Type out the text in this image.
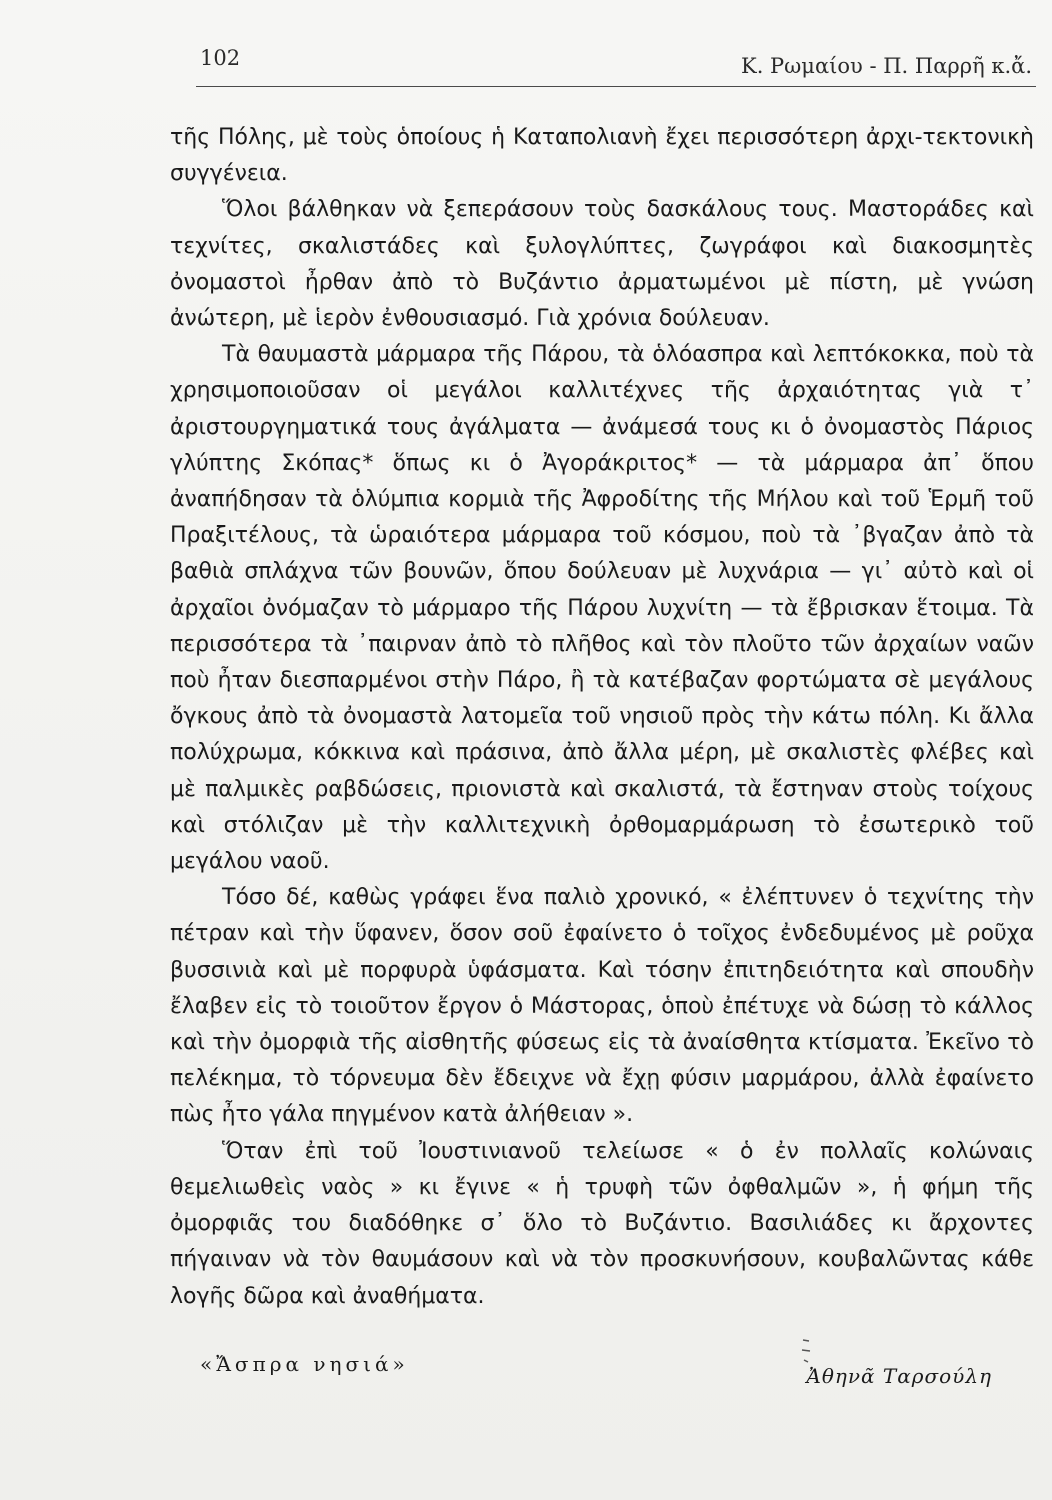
102	Κ. Ρωμαίου - Π. Παρρῆ κ.ἄ.

τῆς Πόλης, μὲ τοὺς ὁποίους ἡ Καταπολιανὴ ἔχει περισσότερη ἀρχι-τεκτονικὴ συγγένεια.

Ὅλοι βάλθηκαν νὰ ξεπεράσουν τοὺς δασκάλους τους. Μαστοράδες καὶ τεχνίτες, σκαλιστάδες καὶ ξυλογλύπτες, ζωγράφοι καὶ διακοσμητὲς ὀνομαστοὶ ἦρθαν ἀπὸ τὸ Βυζάντιο ἀρματωμένοι μὲ πίστη, μὲ γνώση ἀνώτερη, μὲ ἱερὸν ἐνθουσιασμό. Γιὰ χρόνια δούλευαν.

Τὰ θαυμαστὰ μάρμαρα τῆς Πάρου, τὰ ὁλόασπρα καὶ λεπτόκοκκα, ποὺ τὰ χρησιμοποιοῦσαν οἱ μεγάλοι καλλιτέχνες τῆς ἀρχαιότητας γιὰ τ᾽ ἀριστουργηματικά τους ἀγάλματα — ἀνάμεσά τους κι ὁ ὀνομαστὸς Πάριος γλύπτης Σκόπας* ὅπως κι ὁ Ἀγοράκριτος* — τὰ μάρμαρα ἀπ᾽ ὅπου ἀναπήδησαν τὰ ὁλύμπια κορμιὰ τῆς Ἀφροδίτης τῆς Μήλου καὶ τοῦ Ἑρμῆ τοῦ Πραξιτέλους, τὰ ὡραιότερα μάρμαρα τοῦ κόσμου, ποὺ τὰ ᾽βγαζαν ἀπὸ τὰ βαθιὰ σπλάχνα τῶν βουνῶν, ὅπου δούλευαν μὲ λυχνάρια — γι᾽ αὐτὸ καὶ οἱ ἀρχαῖοι ὀνόμαζαν τὸ μάρμαρο τῆς Πάρου λυχνίτη — τὰ ἔβρισκαν ἕτοιμα. Τὰ περισσότερα τὰ ᾽παιρναν ἀπὸ τὸ πλῆθος καὶ τὸν πλοῦτο τῶν ἀρχαίων ναῶν ποὺ ἦταν διεσπαρμένοι στὴν Πάρο, ἢ τὰ κατέβαζαν φορτώματα σὲ μεγάλους ὄγκους ἀπὸ τὰ ὀνομαστὰ λατομεῖα τοῦ νησιοῦ πρὸς τὴν κάτω πόλη. Κι ἄλλα πολύχρωμα, κόκκινα καὶ πράσινα, ἀπὸ ἄλλα μέρη, μὲ σκαλιστὲς φλέβες καὶ μὲ παλμικὲς ραβδώσεις, πριονιστὰ καὶ σκαλιστά, τὰ ἔστηναν στοὺς τοίχους καὶ στόλιζαν μὲ τὴν καλλιτεχνικὴ ὀρθομαρμάρωση τὸ ἐσωτερικὸ τοῦ μεγάλου ναοῦ.

Τόσο δέ, καθὼς γράφει ἕνα παλιὸ χρονικό, « ἐλέπτυνεν ὁ τεχνίτης τὴν πέτραν καὶ τὴν ὕφανεν, ὅσον σοῦ ἐφαίνετο ὁ τοῖχος ἐνδεδυμένος μὲ ροῦχα βυσσινιὰ καὶ μὲ πορφυρὰ ὑφάσματα. Καὶ τόσην ἐπιτηδειότητα καὶ σπουδὴν ἔλαβεν εἰς τὸ τοιοῦτον ἔργον ὁ Μάστορας, ὁποὺ ἐπέτυχε νὰ δώσῃ τὸ κάλλος καὶ τὴν ὀμορφιὰ τῆς αἰσθητῆς φύσεως εἰς τὰ ἀναίσθητα κτίσματα. Ἐκεῖνο τὸ πελέκημα, τὸ τόρνευμα δὲν ἔδειχνε νὰ ἔχῃ φύσιν μαρμάρου, ἀλλὰ ἐφαίνετο πὼς ἦτο γάλα πηγμένον κατὰ ἀλήθειαν ».

Ὅταν ἐπὶ τοῦ Ἰουστινιανοῦ τελείωσε « ὁ ἐν πολλαῖς κολώναις θεμελιωθεὶς ναὸς » κι ἔγινε « ἡ τρυφὴ τῶν ὀφθαλμῶν », ἡ φήμη τῆς ὀμορφιᾶς του διαδόθηκε σ᾽ ὅλο τὸ Βυζάντιο. Βασιλιάδες κι ἄρχοντες πήγαιναν νὰ τὸν θαυμάσουν καὶ νὰ τὸν προσκυνήσουν, κουβαλῶντας κάθε λογῆς δῶρα καὶ ἀναθήματα.

«Ἄσπρα νησιά»	Ἀθηνᾶ Ταρσούλη
